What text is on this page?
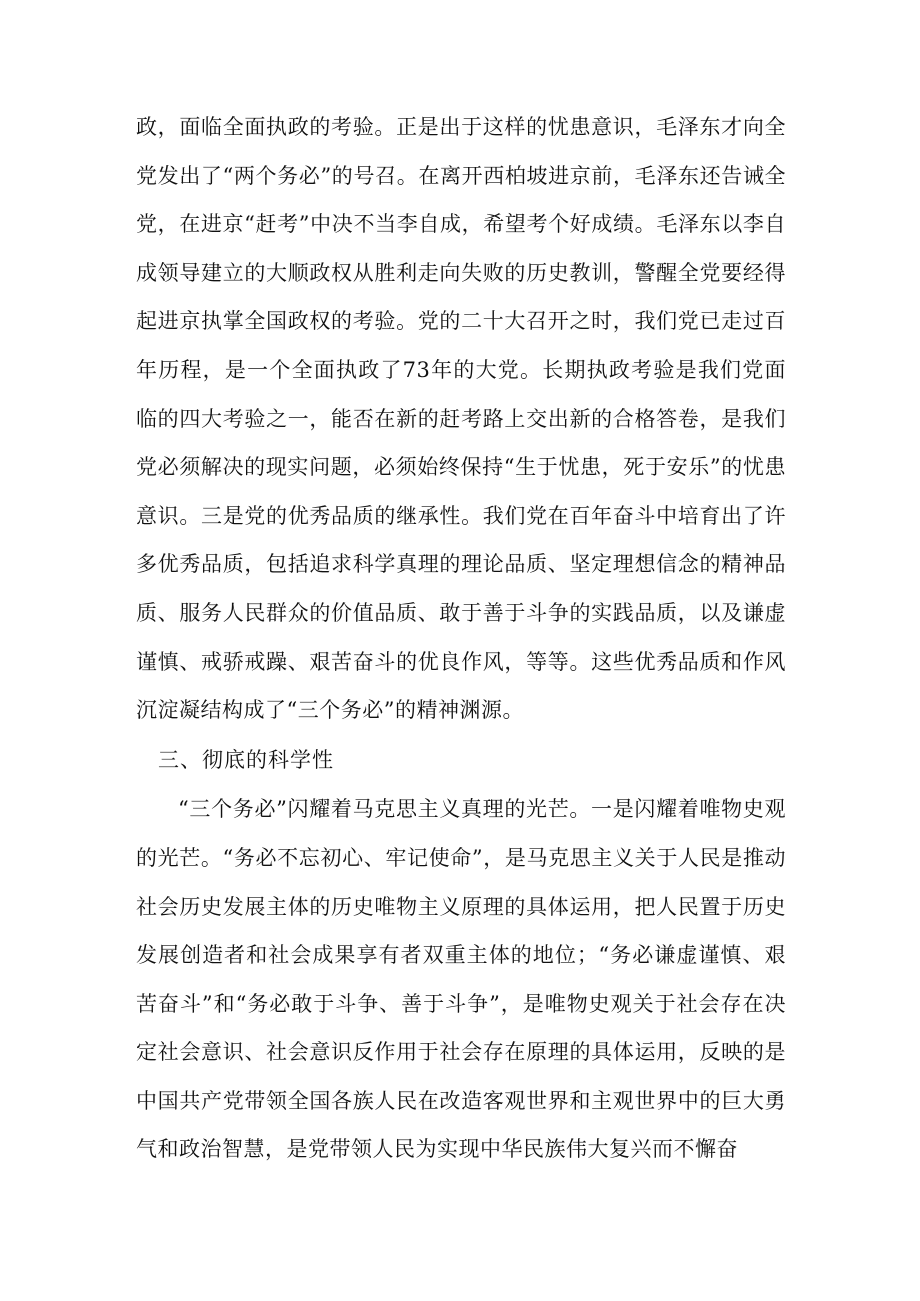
政，面临全面执政的考验。正是出于这样的忧患意识，毛泽东才向全党发出了“两个务必”的号召。在离开西柏坡进京前，毛泽东还告诫全党，在进京“赶考”中决不当李自成，希望考个好成绩。毛泽东以李自成领导建立的大顺政权从胜利走向失败的历史教训，警醒全党要经得起进京执掌全国政权的考验。党的二十大召开之时，我们党已走过百年历程，是一个全面执政了73年的大党。长期执政考验是我们党面临的四大考验之一，能否在新的赶考路上交出新的合格答卷，是我们党必须解决的现实问题，必须始终保持“生于忧患，死于安乐”的忧患意识。三是党的优秀品质的继承性。我们党在百年奋斗中培育出了许多优秀品质，包括追求科学真理的理论品质、坚定理想信念的精神品质、服务人民群众的价值品质、敢于善于斗争的实践品质，以及谦虚谨慎、戒骄戒躁、艰苦奋斗的优良作风，等等。这些优秀品质和作风沉淀凝结构成了“三个务必”的精神渊源。

三、彻底的科学性

“三个务必”闪耀着马克思主义真理的光芒。一是闪耀着唯物史观的光芒。“务必不忘初心、牢记使命”，是马克思主义关于人民是推动社会历史发展主体的历史唯物主义原理的具体运用，把人民置于历史发展创造者和社会成果享有者双重主体的地位；“务必谦虚谨慎、艰苦奋斗”和“务必敢于斗争、善于斗争”，是唯物史观关于社会存在决定社会意识、社会意识反作用于社会存在原理的具体运用，反映的是中国共产党带领全国各族人民在改造客观世界和主观世界中的巨大勇气和政治智慧，是党带领人民为实现中华民族伟大复兴而不懈奋
